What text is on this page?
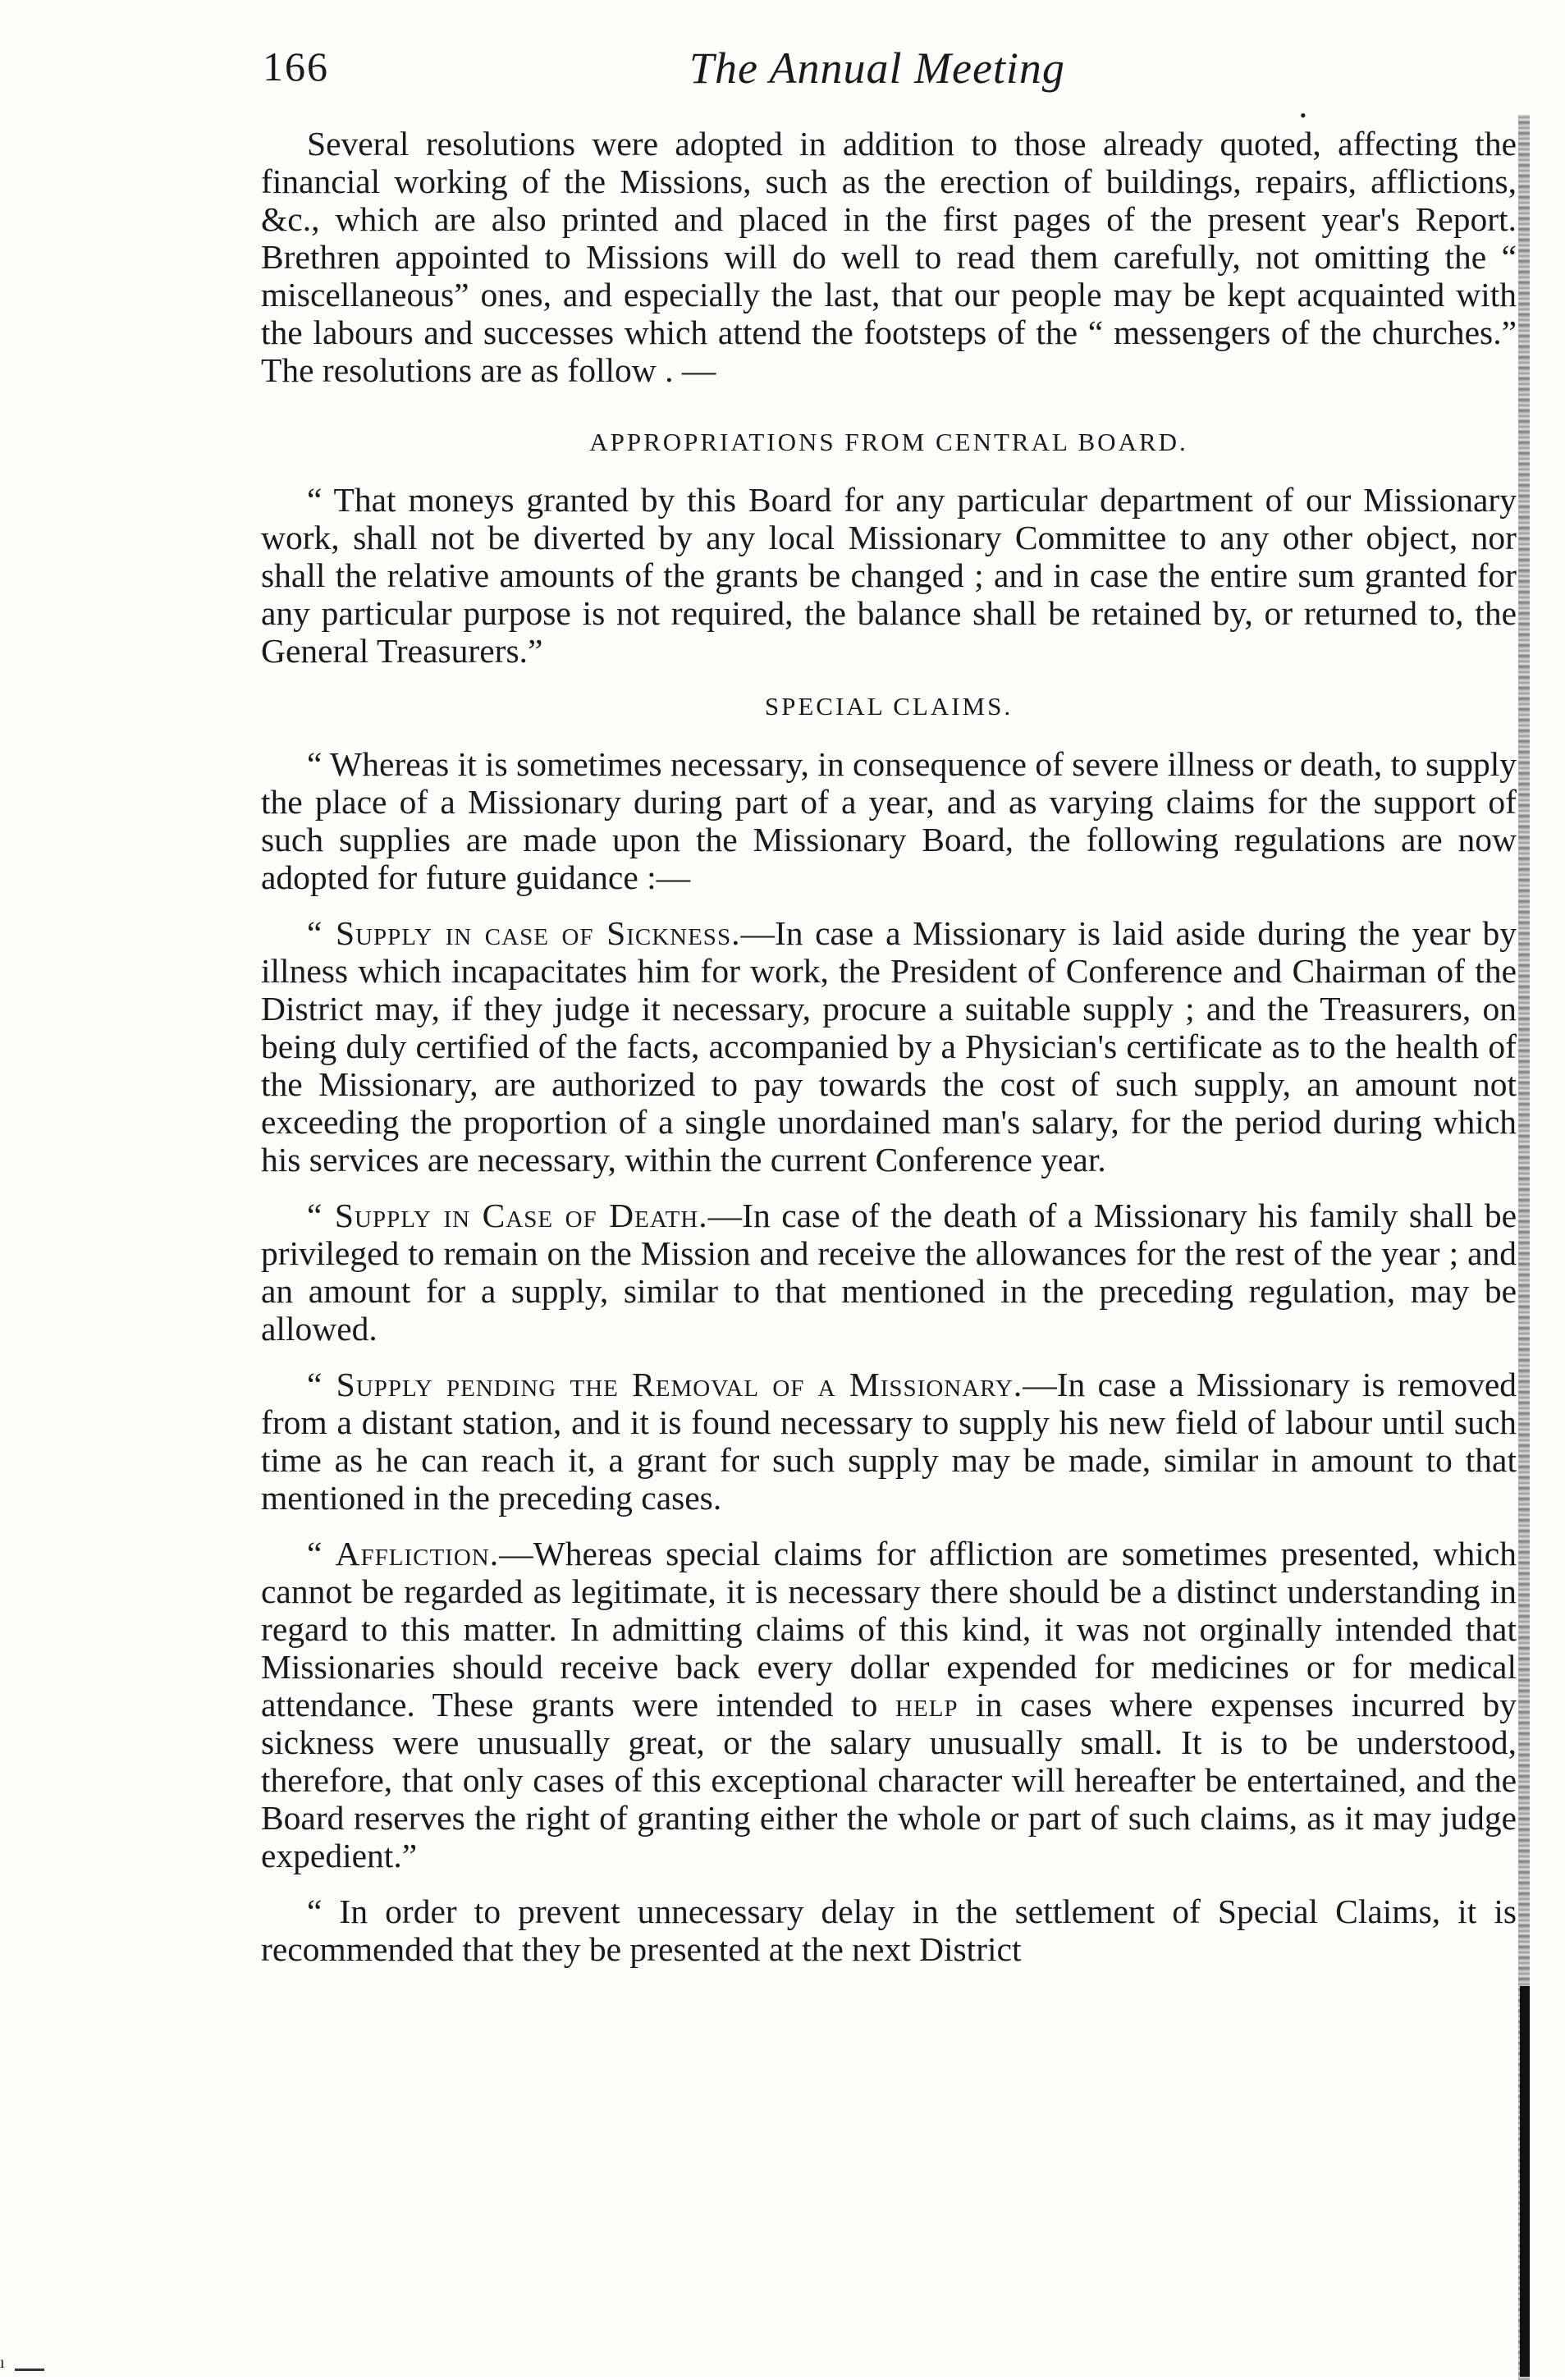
166	The Annual Meeting
•

Several resolutions were adopted in addition to those already quoted, affecting the financial working of the Missions, such as the erection of buildings, repairs, afflictions, &c., which are also printed and placed in the first pages of the present year's Report. Brethren appointed to Missions will do well to read them carefully, not omitting the “ miscellaneous” ones, and especially the last, that our people may be kept acquainted with the labours and successes which attend the footsteps of the “ messengers of the churches.” The resolutions are as follow . —

APPROPRIATIONS FROM CENTRAL BOARD.

“ That moneys granted by this Board for any particular department of our Missionary work, shall not be diverted by any local Missionary Committee to any other object, nor shall the relative amounts of the grants be changed ; and in case the entire sum granted for any particular purpose is not required, the balance shall be retained by, or returned to, the General Treasurers.”

SPECIAL CLAIMS.

“ Whereas it is sometimes necessary, in consequence of severe illness or death, to supply the place of a Missionary during part of a year, and as varying claims for the support of such supplies are made upon the Missionary Board, the following regulations are now adopted for future guidance :—

“ Supply in case of Sickness.—In case a Missionary is laid aside during the year by illness which incapacitates him for work, the President of Conference and Chairman of the District may, if they judge it necessary, procure a suitable supply ; and the Treasurers, on being duly certified of the facts, accompanied by a Physician's certificate as to the health of the Missionary, are authorized to pay towards the cost of such supply, an amount not exceeding the proportion of a single unordained man's salary, for the period during which his services are necessary, within the current Conference year.

“ Supply in Case of Death.—In case of the death of a Missionary his family shall be privileged to remain on the Mission and receive the allowances for the rest of the year ; and an amount for a supply, similar to that mentioned in the preceding regulation, may be allowed.

“ Supply pending the Removal of a Missionary.—In case a Missionary is removed from a distant station, and it is found necessary to supply his new field of labour until such time as he can reach it, a grant for such supply may be made, similar in amount to that mentioned in the preceding cases.

“ Affliction.—Whereas special claims for affliction are sometimes presented, which cannot be regarded as legitimate, it is necessary there should be a distinct understanding in regard to this matter. In admitting claims of this kind, it was not orginally intended that Missionaries should receive back every dollar expended for medicines or for medical attendance. These grants were intended to help in cases where expenses incurred by sickness were unusually great, or the salary unusually small. It is to be understood, therefore, that only cases of this exceptional character will hereafter be entertained, and the Board reserves the right of granting either the whole or part of such claims, as it may judge expedient.”

“ In order to prevent unnecessary delay in the settlement of Special Claims, it is recommended that they be presented at the next District

ı
